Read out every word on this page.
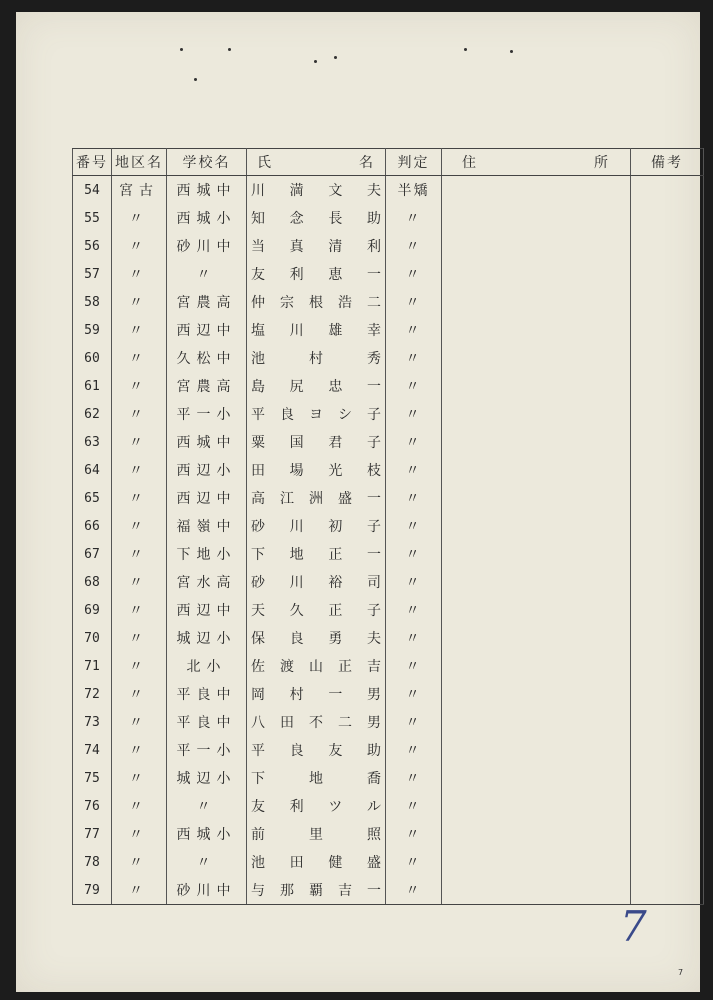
番号	地区名	学校名	氏名	判定	住所	備考
54	宮古	西城中	川満文夫	半矯		
55	〃	西城小	知念長助	〃		
56	〃	砂川中	当真清利	〃		
57	〃	〃	友利恵一	〃		
58	〃	宮農高	仲宗根浩二	〃		
59	〃	西辺中	塩川雄幸	〃		
60	〃	久松中	池村秀	〃		
61	〃	宮農高	島尻忠一	〃		
62	〃	平一小	平良ヨシ子	〃		
63	〃	西城中	粟国君子	〃		
64	〃	西辺小	田場光枝	〃		
65	〃	西辺中	高江洲盛一	〃		
66	〃	福嶺中	砂川初子	〃		
67	〃	下地小	下地正一	〃		
68	〃	宮水高	砂川裕司	〃		
69	〃	西辺中	天久正子	〃		
70	〃	城辺小	保良勇夫	〃		
71	〃	北小	佐渡山正吉	〃		
72	〃	平良中	岡村一男	〃		
73	〃	平良中	八田不二男	〃		
74	〃	平一小	平良友助	〃		
75	〃	城辺小	下地喬	〃		
76	〃	〃	友利ツル	〃		
77	〃	西城小	前里照	〃		
78	〃	〃	池田健盛	〃		
79	〃	砂川中	与那覇吉一	〃		
7
7
